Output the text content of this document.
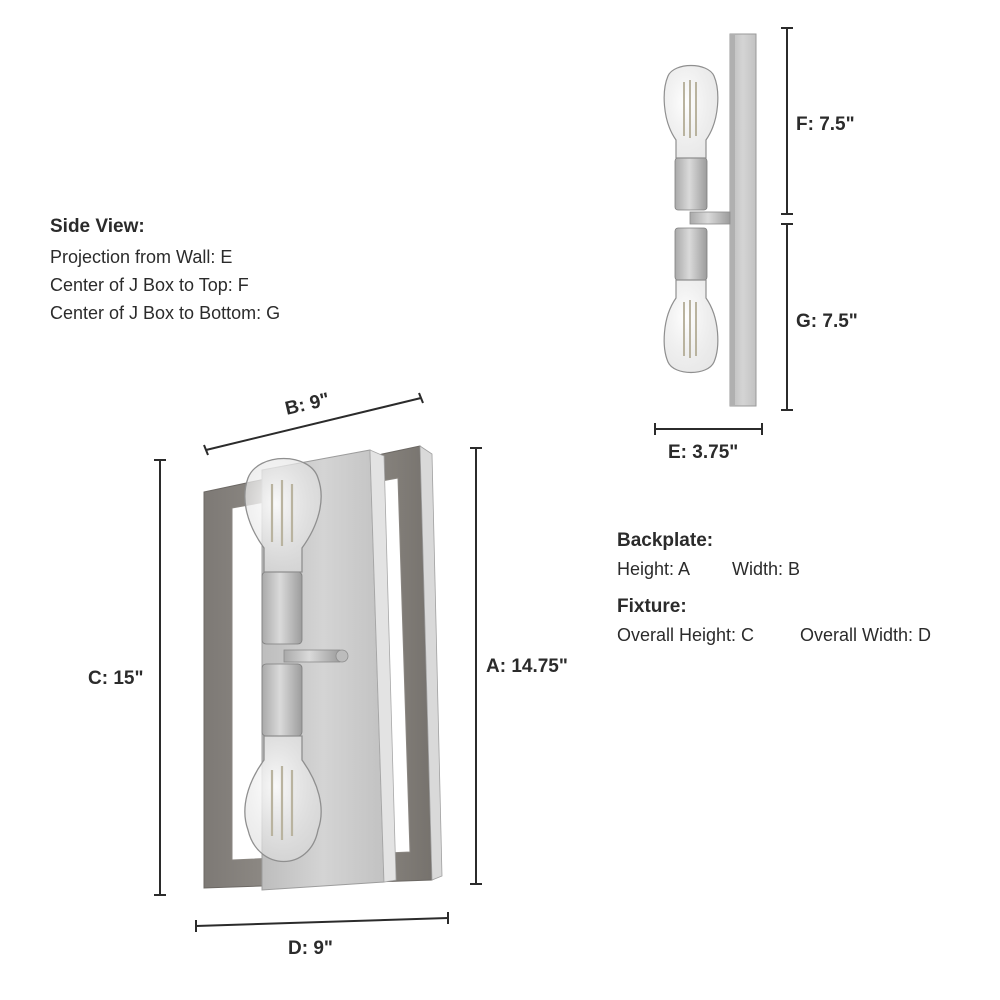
Side View:
Projection from Wall: E
Center of J Box to Top: F
Center of J Box to Bottom: G
Backplate:
Height: A Width: B
Fixture:
Overall Height: C	Overall Width: D
B: 9"
C: 15"
A: 14.75"
D: 9"
E: 3.75"
F: 7.5"
G: 7.5"
